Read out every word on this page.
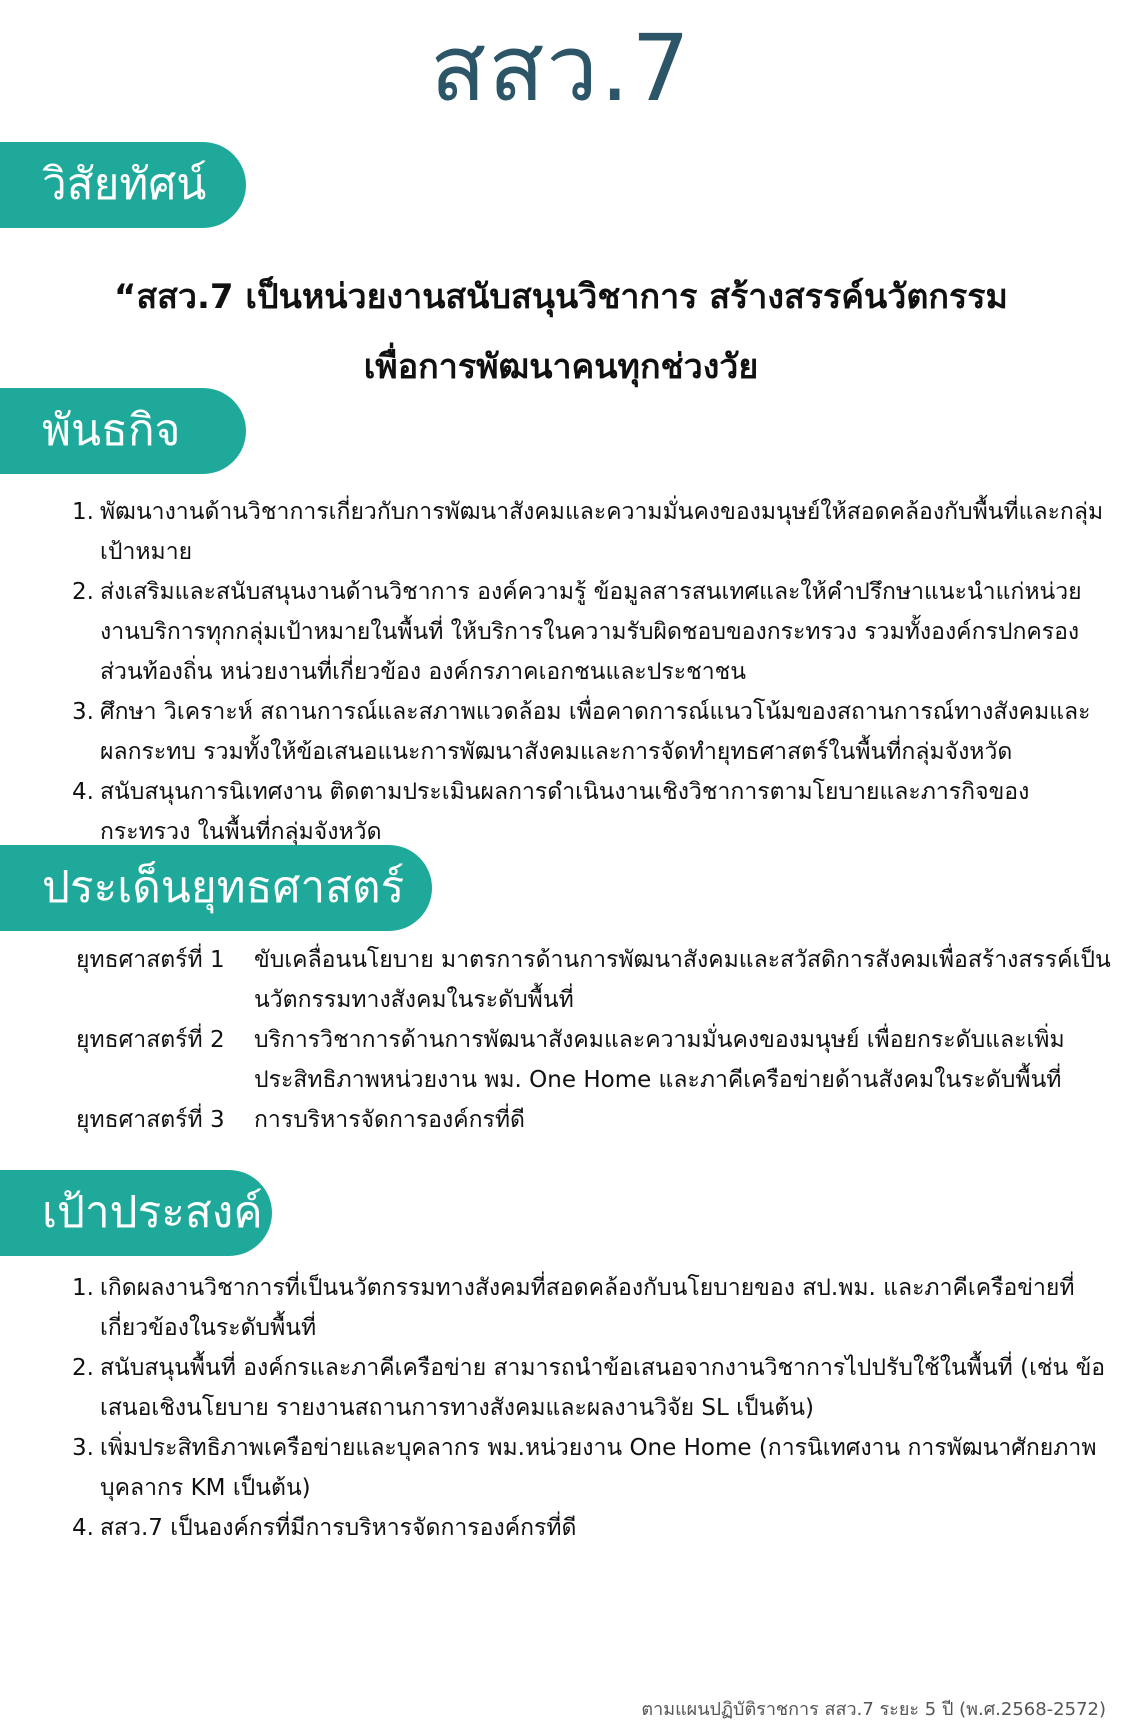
สสว.7
วิสัยทัศน์
“สสว.7 เป็นหน่วยงานสนับสนุนวิชาการ สร้างสรรค์นวัตกรรม
เพื่อการพัฒนาคนทุกช่วงวัย
พันธกิจ
1. พัฒนางานด้านวิชาการเกี่ยวกับการพัฒนาสังคมและความมั่นคงของมนุษย์ให้สอดคล้องกับพื้นที่และกลุ่มเป้าหมาย
2. ส่งเสริมและสนับสนุนงานด้านวิชาการ องค์ความรู้ ข้อมูลสารสนเทศและให้คำปรึกษาแนะนำแก่หน่วยงานบริการทุกกลุ่มเป้าหมายในพื้นที่ ให้บริการในความรับผิดชอบของกระทรวง รวมทั้งองค์กรปกครองส่วนท้องถิ่น หน่วยงานที่เกี่ยวข้อง องค์กรภาคเอกชนและประชาชน
3. ศึกษา วิเคราะห์ สถานการณ์และสภาพแวดล้อม เพื่อคาดการณ์แนวโน้มของสถานการณ์ทางสังคมและผลกระทบ รวมทั้งให้ข้อเสนอแนะการพัฒนาสังคมและการจัดทำยุทธศาสตร์ในพื้นที่กลุ่มจังหวัด
4. สนับสนุนการนิเทศงาน ติดตามประเมินผลการดำเนินงานเชิงวิชาการตามโยบายและภารกิจของกระทรวง ในพื้นที่กลุ่มจังหวัด
ประเด็นยุทธศาสตร์
ยุทธศาสตร์ที่ 1	ขับเคลื่อนนโยบาย มาตรการด้านการพัฒนาสังคมและสวัสดิการสังคมเพื่อสร้างสรรค์เป็นนวัตกรรมทางสังคมในระดับพื้นที่
ยุทธศาสตร์ที่ 2	บริการวิชาการด้านการพัฒนาสังคมและความมั่นคงของมนุษย์ เพื่อยกระดับและเพิ่มประสิทธิภาพหน่วยงาน พม. One Home และภาคีเครือข่ายด้านสังคมในระดับพื้นที่
ยุทธศาสตร์ที่ 3	การบริหารจัดการองค์กรที่ดี
เป้าประสงค์
1. เกิดผลงานวิชาการที่เป็นนวัตกรรมทางสังคมที่สอดคล้องกับนโยบายของ สป.พม. และภาคีเครือข่ายที่เกี่ยวข้องในระดับพื้นที่
2. สนับสนุนพื้นที่ องค์กรและภาคีเครือข่าย สามารถนำข้อเสนอจากงานวิชาการไปปรับใช้ในพื้นที่ (เช่น ข้อเสนอเชิงนโยบาย รายงานสถานการทางสังคมและผลงานวิจัย SL เป็นต้น)
3. เพิ่มประสิทธิภาพเครือข่ายและบุคลากร พม.หน่วยงาน One Home (การนิเทศงาน การพัฒนาศักยภาพบุคลากร KM เป็นต้น)
4. สสว.7 เป็นองค์กรที่มีการบริหารจัดการองค์กรที่ดี
ตามแผนปฏิบัติราชการ สสว.7 ระยะ 5 ปี (พ.ศ.2568-2572)
